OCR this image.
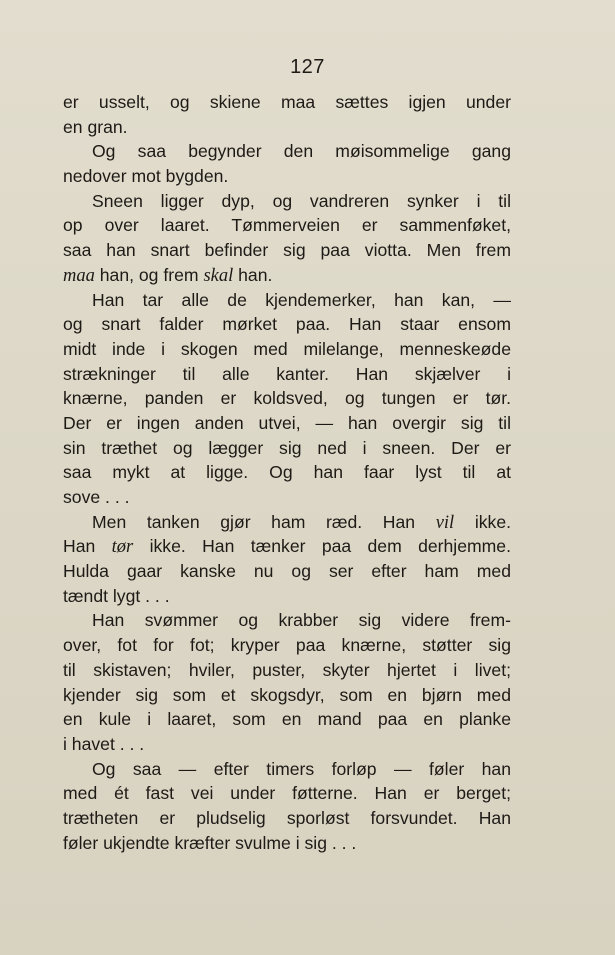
127
er usselt, og skiene maa sættes igjen under
en gran.
Og saa begynder den møisommelige gang
nedover mot bygden.
Sneen ligger dyp, og vandreren synker i til
op over laaret. Tømmerveien er sammenføket,
saa han snart befinder sig paa viotta. Men frem
maa han, og frem skal han.
Han tar alle de kjendemerker, han kan, —
og snart falder mørket paa. Han staar ensom
midt inde i skogen med milelange, menneskeøde
strækninger til alle kanter. Han skjælver i
knærne, panden er koldsved, og tungen er tør.
Der er ingen anden utvei, — han overgir sig til
sin træthet og lægger sig ned i sneen. Der er
saa mykt at ligge. Og han faar lyst til at
sove . . .
Men tanken gjør ham ræd. Han vil ikke.
Han tør ikke. Han tænker paa dem derhjemme.
Hulda gaar kanske nu og ser efter ham med
tændt lygt . . .
Han svømmer og krabber sig videre frem-
over, fot for fot; kryper paa knærne, støtter sig
til skistaven; hviler, puster, skyter hjertet i livet;
kjender sig som et skogsdyr, som en bjørn med
en kule i laaret, som en mand paa en planke
i havet . . .
Og saa — efter timers forløp — føler han
med ét fast vei under føtterne. Han er berget;
trætheten er pludselig sporløst forsvundet. Han
føler ukjendte kræfter svulme i sig . . .
